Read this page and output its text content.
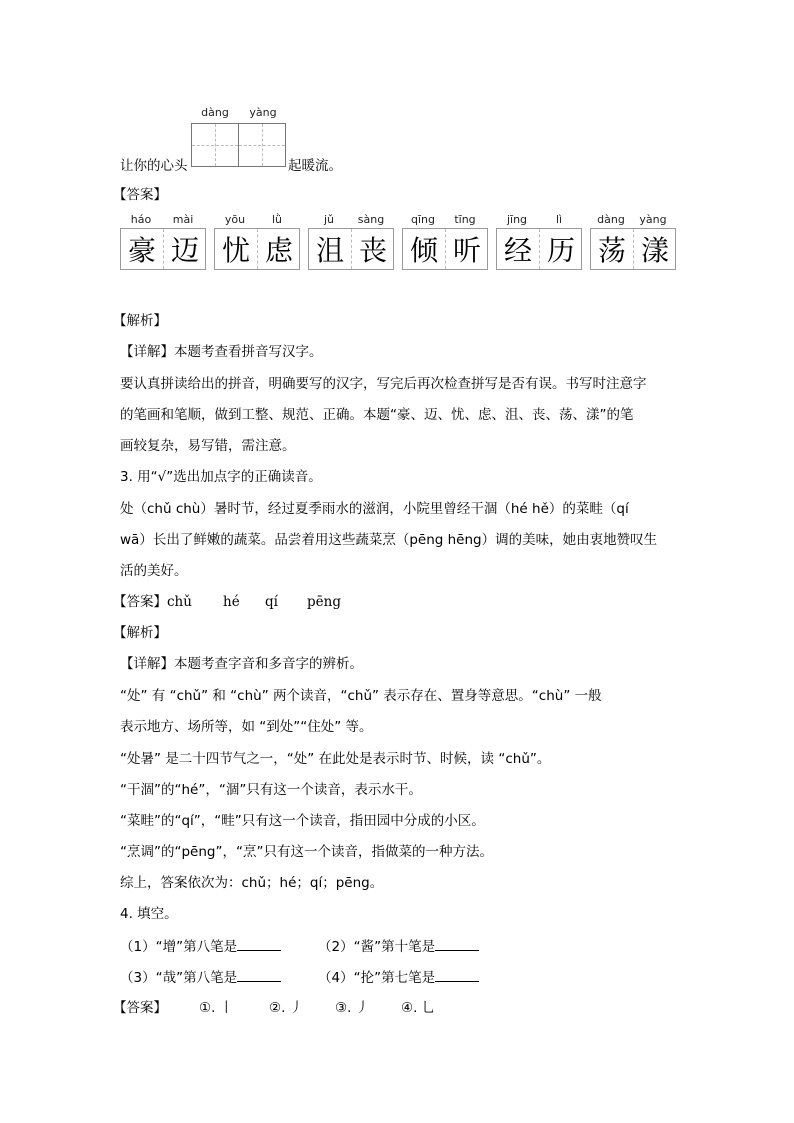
dàng	yàng
让你的心头	起暖流。
【答案】
háo	mài
豪 迈
yōu	lǜ
忧 虑
jǔ	sàng
沮 丧
qīng	tīng
倾 听
jīng	lì
经 历
dàng	yàng
荡 漾
【解析】
【详解】本题考查看拼音写汉字。
要认真拼读给出的拼音，明确要写的汉字，写完后再次检查拼写是否有误。书写时注意字
的笔画和笔顺，做到工整、规范、正确。本题“豪、迈、忧、虑、沮、丧、荡、漾”的笔
画较复杂，易写错，需注意。
3. 用“√”选出加点字的正确读音。
处（chǔ chù）暑时节，经过夏季雨水的滋润，小院里曾经干涸（hé hě）的菜畦（qí
wā）长出了鲜嫩的蔬菜。品尝着用这些蔬菜烹（pēng hēng）调的美味，她由衷地赞叹生
活的美好。
【答案】chǔ hé qí pēng
【解析】
【详解】本题考查字音和多音字的辨析。
“处” 有 “chǔ” 和 “chù” 两个读音，“chǔ” 表示存在、置身等意思。“chù” 一般
表示地方、场所等，如 “到处”“住处” 等。
“处暑” 是二十四节气之一，“处” 在此处是表示时节、时候，读 “chǔ”。
“干涸”的“hé”，“涸”只有这一个读音，表示水干。
“菜畦”的“qí”，“畦”只有这一个读音，指田园中分成的小区。
“烹调”的“pēng”，“烹”只有这一个读音，指做菜的一种方法。
综上，答案依次为：chǔ；hé；qí；pēng。
4. 填空。
（1）“增”第八笔是	（2）“酱”第十笔是
（3）“哉”第八笔是	（4）“抡”第七笔是
【答案】 ①. 丨	②. 丿 ③. 丿 ④. 乚
